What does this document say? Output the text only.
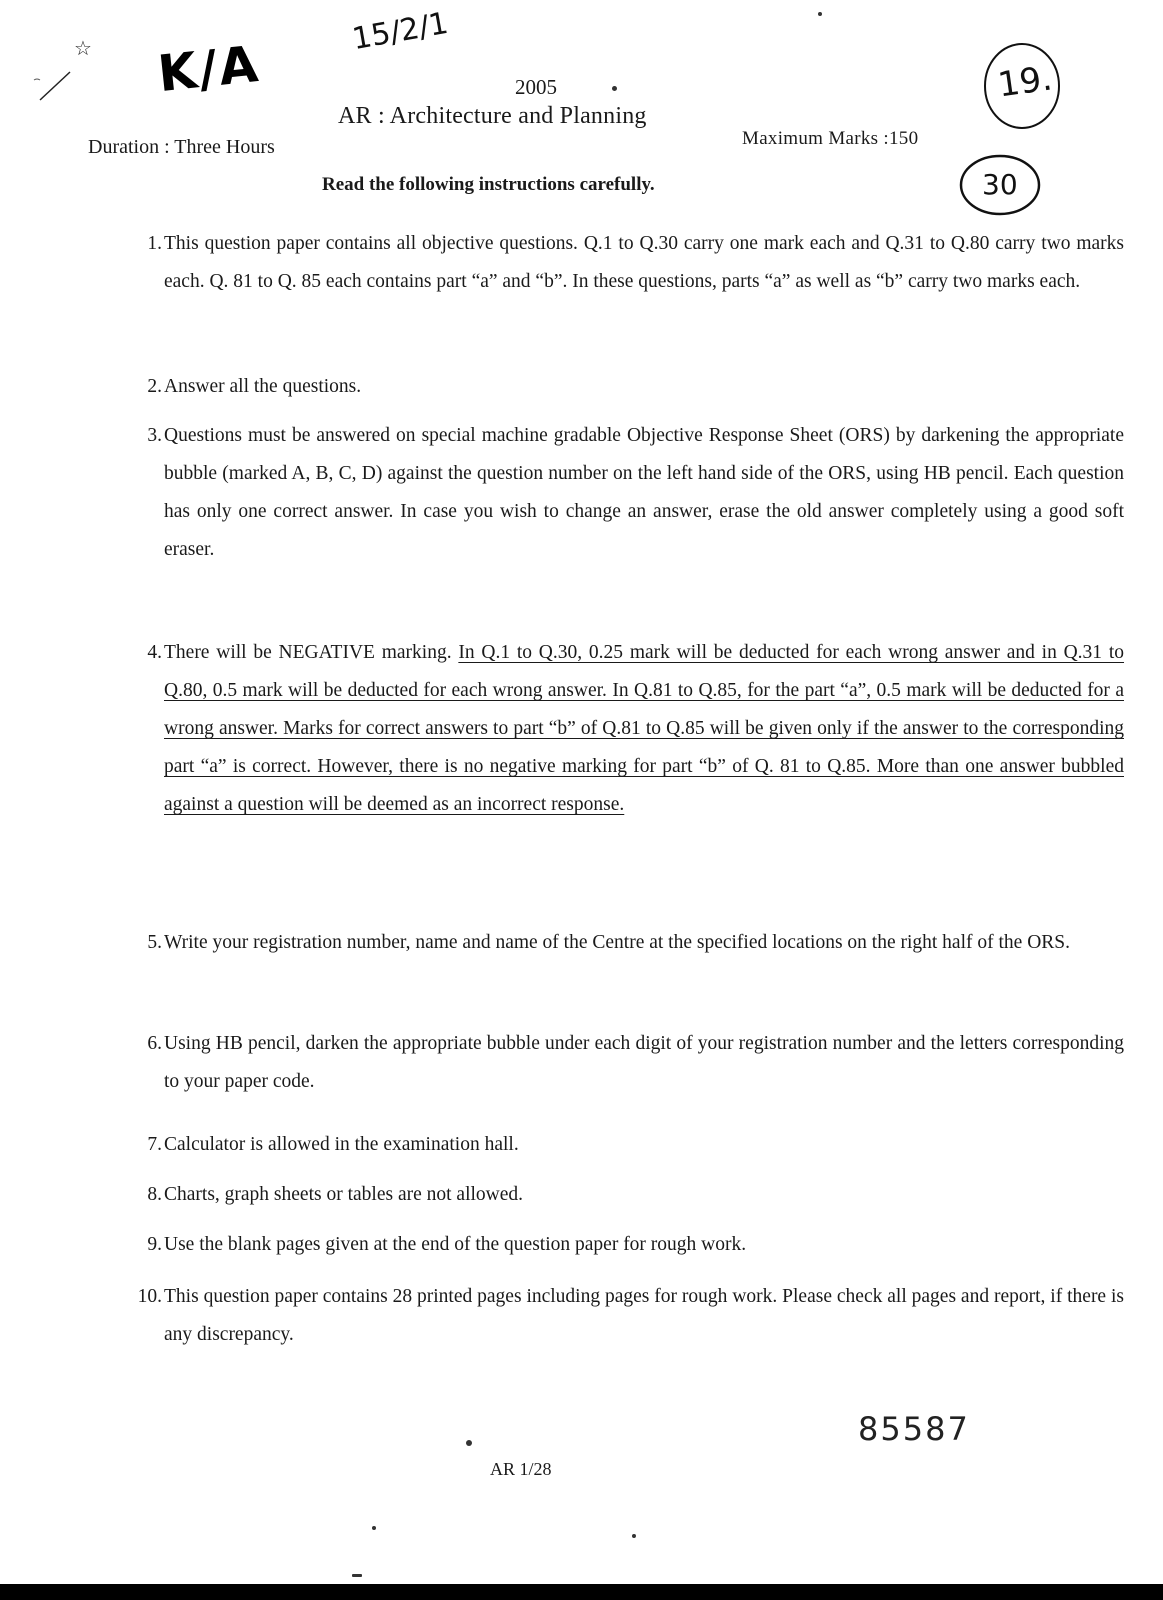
☆ K/A
15/2/1
19.
30
2005
AR : Architecture and Planning
Duration : Three Hours	Maximum Marks :150
Read the following instructions carefully.
1. This question paper contains all objective questions. Q.1 to Q.30 carry one mark each and Q.31 to Q.80 carry two marks each. Q. 81 to Q. 85 each contains part “a” and “b”. In these questions, parts “a” as well as “b” carry two marks each.
2. Answer all the questions.
3. Questions must be answered on special machine gradable Objective Response Sheet (ORS) by darkening the appropriate bubble (marked A, B, C, D) against the question number on the left hand side of the ORS, using HB pencil. Each question has only one correct answer. In case you wish to change an answer, erase the old answer completely using a good soft eraser.
4. There will be NEGATIVE marking. In Q.1 to Q.30, 0.25 mark will be deducted for each wrong answer and in Q.31 to Q.80, 0.5 mark will be deducted for each wrong answer. In Q.81 to Q.85, for the part “a”, 0.5 mark will be deducted for a wrong answer. Marks for correct answers to part “b” of Q.81 to Q.85 will be given only if the answer to the corresponding part “a” is correct. However, there is no negative marking for part “b” of Q. 81 to Q.85. More than one answer bubbled against a question will be deemed as an incorrect response.
5. Write your registration number, name and name of the Centre at the specified locations on the right half of the ORS.
6. Using HB pencil, darken the appropriate bubble under each digit of your registration number and the letters corresponding to your paper code.
7. Calculator is allowed in the examination hall.
8. Charts, graph sheets or tables are not allowed.
9. Use the blank pages given at the end of the question paper for rough work.
10. This question paper contains 28 printed pages including pages for rough work. Please check all pages and report, if there is any discrepancy.
85587
AR 1/28
